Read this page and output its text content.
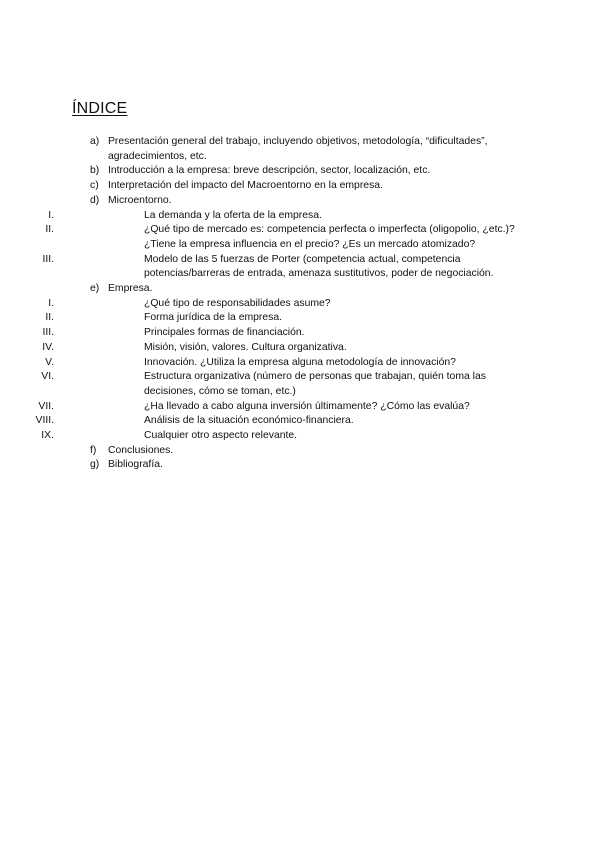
ÍNDICE
a) Presentación general del trabajo, incluyendo objetivos, metodología, “dificultades”, agradecimientos, etc.
b) Introducción a la empresa: breve descripción, sector, localización, etc.
c) Interpretación del impacto del Macroentorno en la empresa.
d) Microentorno.
I.	La demanda y la oferta de la empresa.
II.	¿Qué tipo de mercado es: competencia perfecta o imperfecta (oligopolio, ¿etc.)? ¿Tiene la empresa influencia en el precio? ¿Es un mercado atomizado?
III.	Modelo de las 5 fuerzas de Porter (competencia actual, competencia potencias/barreras de entrada, amenaza sustitutivos, poder de negociación.
e) Empresa.
I.	¿Qué tipo de responsabilidades asume?
II.	Forma jurídica de la empresa.
III.	Principales formas de financiación.
IV.	Misión, visión, valores. Cultura organizativa.
V.	Innovación. ¿Utiliza la empresa alguna metodología de innovación?
VI.	Estructura organizativa (número de personas que trabajan, quién toma las decisiones, cómo se toman, etc.)
VII.	¿Ha llevado a cabo alguna inversión últimamente? ¿Cómo las evalúa?
VIII.	Análisis de la situación económico-financiera.
IX.	Cualquier otro aspecto relevante.
f) Conclusiones.
g) Bibliografía.
